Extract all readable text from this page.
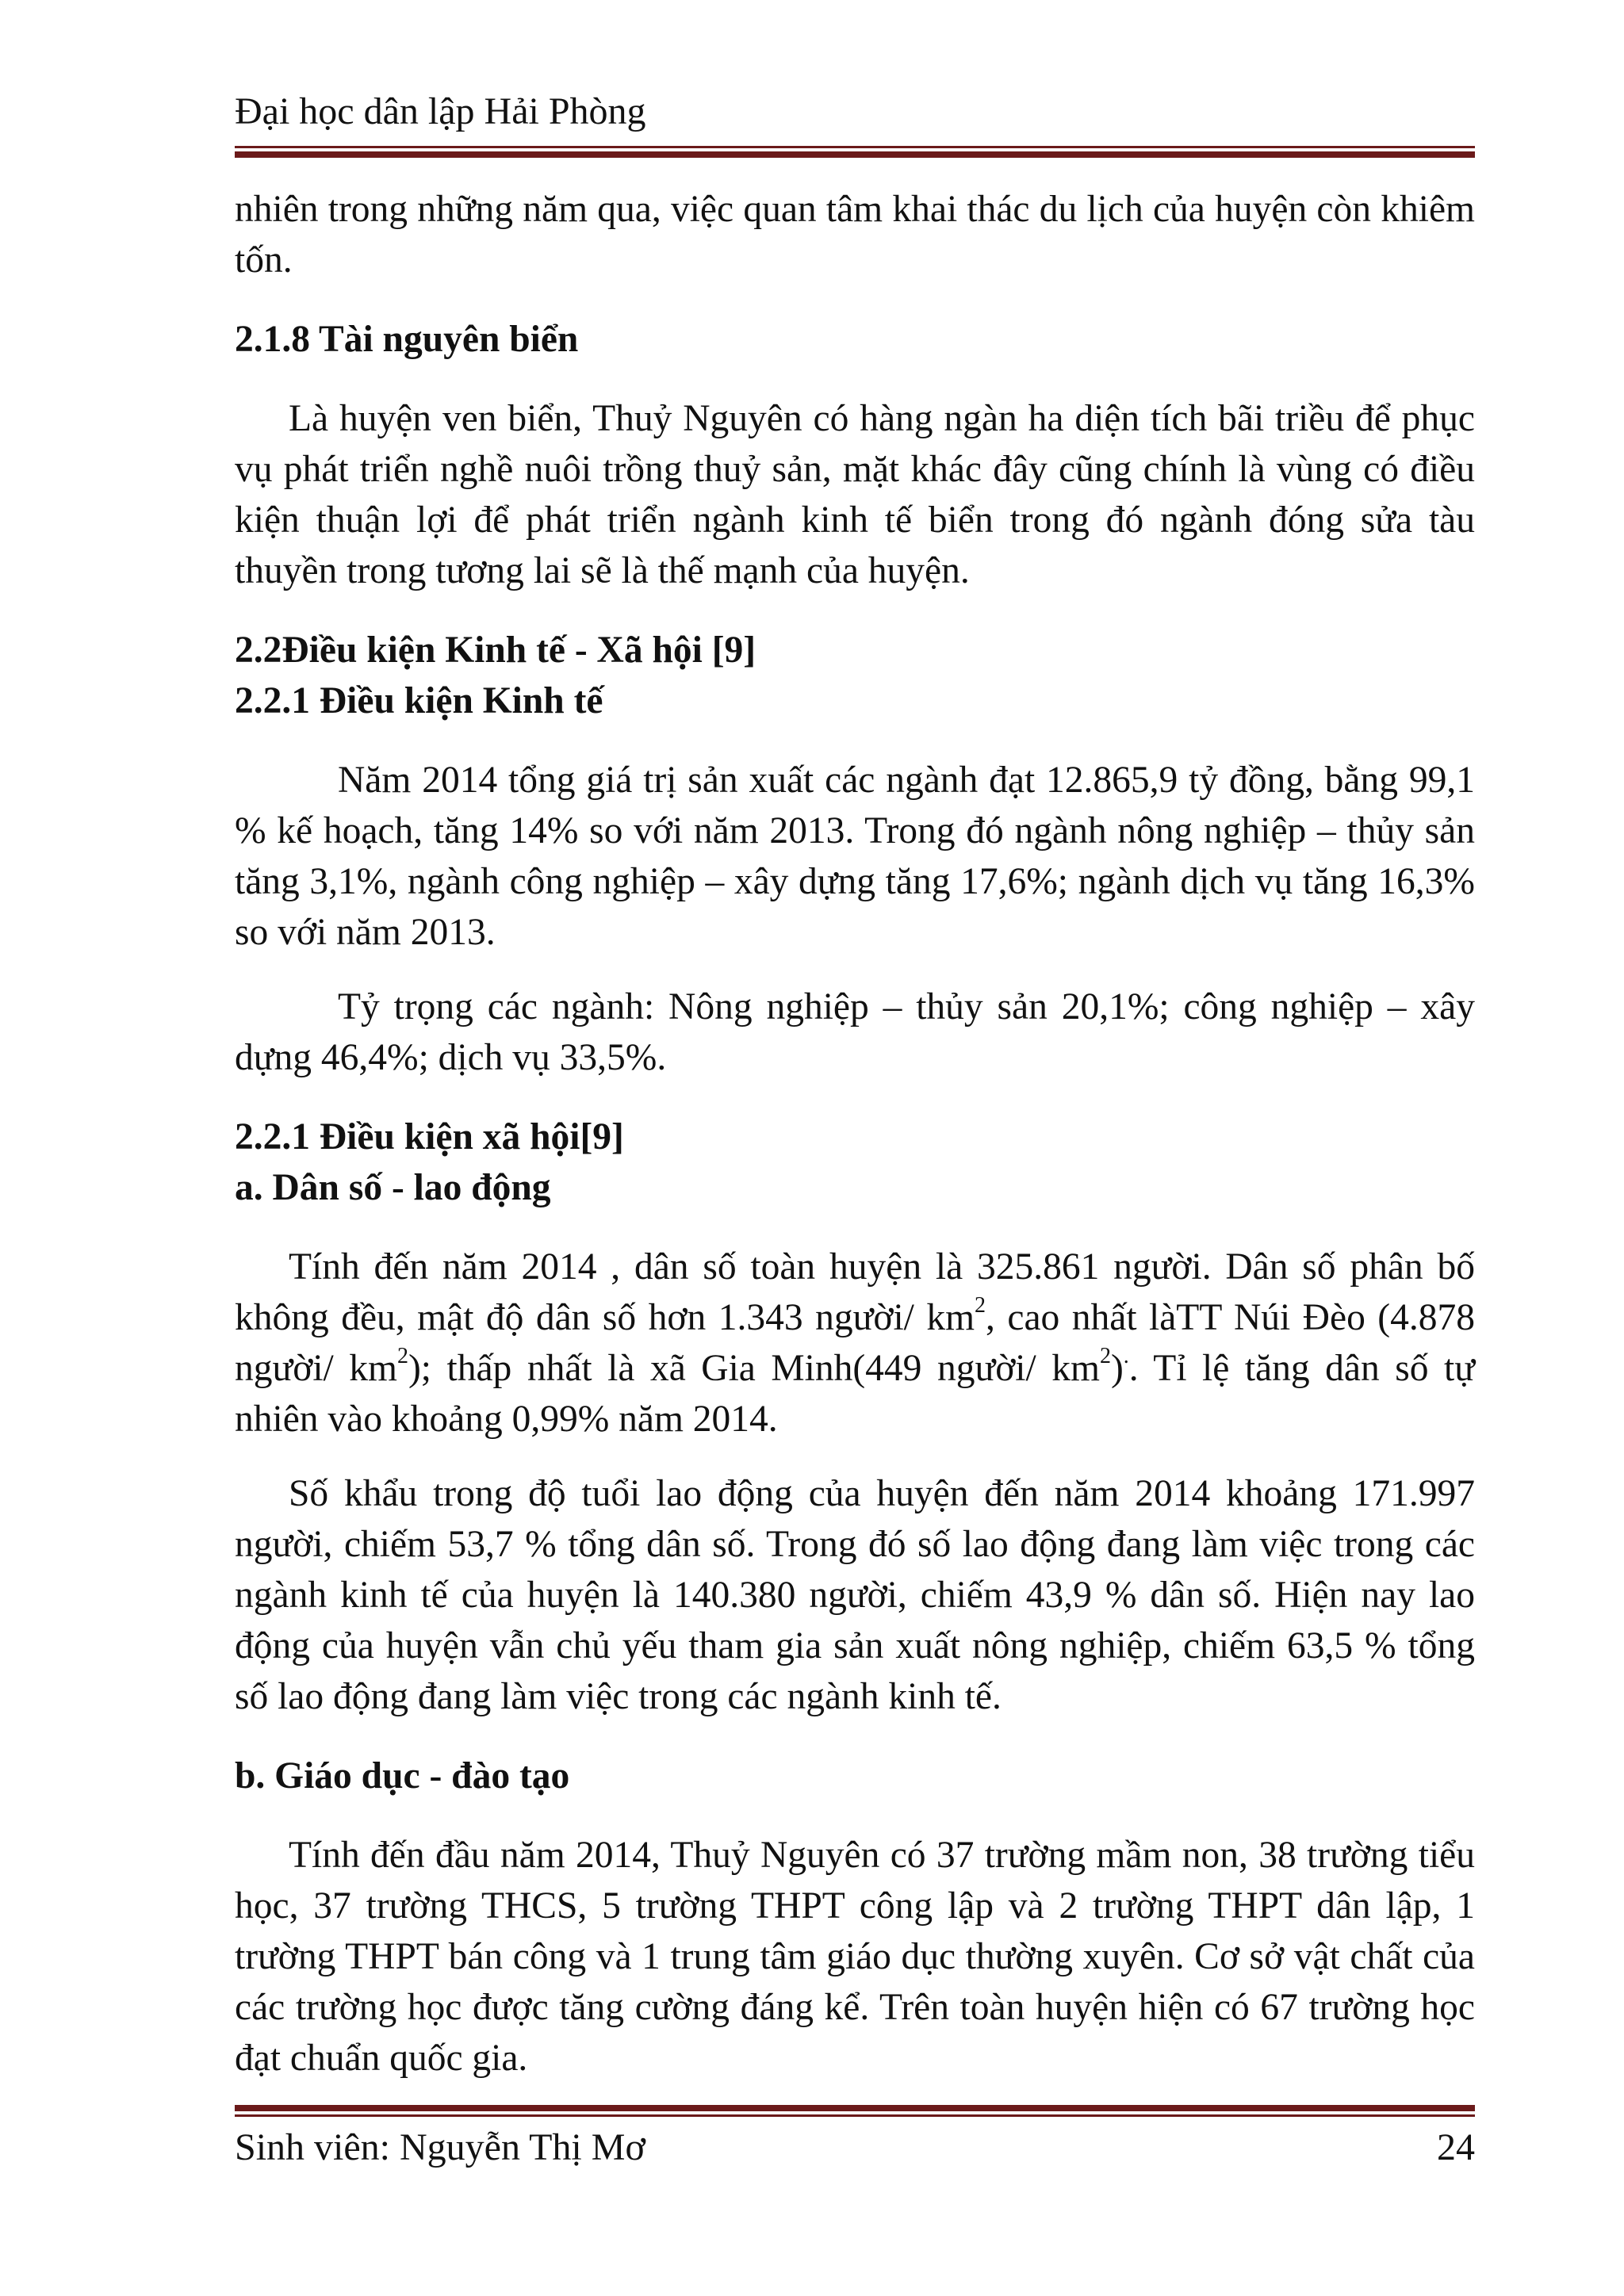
Đại học dân lập Hải Phòng

nhiên trong những năm qua, việc quan tâm khai thác du lịch của huyện còn khiêm tốn.

2.1.8 Tài nguyên biển

Là huyện ven biển, Thuỷ Nguyên có hàng ngàn ha diện tích bãi triều để phục vụ phát triển nghề nuôi trồng thuỷ sản, mặt khác đây cũng chính là vùng có điều kiện thuận lợi để phát triển ngành kinh tế biển trong đó ngành đóng sửa tàu thuyền trong tương lai sẽ là thế mạnh của huyện.

2.2Điều kiện Kinh tế - Xã hội [9]

2.2.1 Điều kiện Kinh tế

Năm 2014 tổng giá trị sản xuất các ngành đạt 12.865,9 tỷ đồng, bằng 99,1 % kế hoạch, tăng 14% so với năm 2013. Trong đó ngành nông nghiệp – thủy sản tăng 3,1%, ngành công nghiệp – xây dựng tăng 17,6%; ngành dịch vụ tăng 16,3% so với năm 2013.

Tỷ trọng các ngành: Nông nghiệp – thủy sản 20,1%; công nghiệp – xây dựng 46,4%; dịch vụ 33,5%.

2.2.1 Điều kiện xã hội[9]

a. Dân số - lao động

Tính đến năm 2014 , dân số toàn huyện là 325.861 người. Dân số phân bố không đều, mật độ dân số hơn 1.343 người/ $km^2$, cao nhất làTT Núi Đèo (4.878 người/ $km^2$); thấp nhất là xã Gia Minh(449 người/ $km^2)^.$. Tỉ lệ tăng dân số tự nhiên vào khoảng 0,99% năm 2014.

Số khẩu trong độ tuổi lao động của huyện đến năm 2014 khoảng 171.997 người, chiếm 53,7 % tổng dân số. Trong đó số lao động đang làm việc trong các ngành kinh tế của huyện là 140.380 người, chiếm 43,9 % dân số. Hiện nay lao động của huyện vẫn chủ yếu tham gia sản xuất nông nghiệp, chiếm 63,5 % tổng số lao động đang làm việc trong các ngành kinh tế.

b. Giáo dục - đào tạo

Tính đến đầu năm 2014, Thuỷ Nguyên có 37 trường mầm non, 38 trường tiểu học, 37 trường THCS, 5 trường THPT công lập và 2 trường THPT dân lập, 1 trường THPT bán công và 1 trung tâm giáo dục thường xuyên. Cơ sở vật chất của các trường học được tăng cường đáng kể. Trên toàn huyện hiện có 67 trường học đạt chuẩn quốc gia.

Sinh viên: Nguyễn Thị Mơ	24
